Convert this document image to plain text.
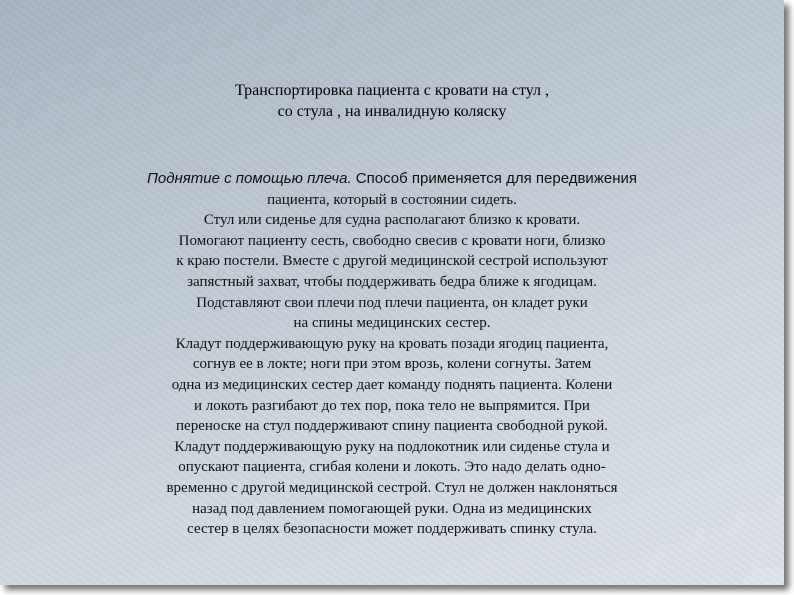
Транспортировка пациента с кровати на стул ,
со стула , на инвалидную коляску
Поднятие с помощью плеча. Способ применяется для передвижения
пациента, который в состоянии сидеть.
Стул или сиденье для судна располагают близко к кровати.
Помогают пациенту сесть, свободно свесив с кровати ноги, близко
к краю постели. Вместе с другой медицинской сестрой используют
запястный захват, чтобы поддерживать бедра ближе к ягодицам.
Подставляют свои плечи под плечи пациента, он кладет руки
на спины медицинских сестер.
Кладут поддерживающую руку на кровать позади ягодиц пациента,
согнув ее в локте; ноги при этом врозь, колени согнуты. Затем
одна из медицинских сестер дает команду поднять пациента. Колени
и локоть разгибают до тех пор, пока тело не выпрямится. При
переноске на стул поддерживают спину пациента свободной рукой.
Кладут поддерживающую руку на подлокотник или сиденье стула и
опускают пациента, сгибая колени и локоть. Это надо делать одно-
временно с другой медицинской сестрой. Стул не должен наклоняться
назад под давлением помогающей руки. Одна из медицинских
сестер в целях безопасности может поддерживать спинку стула.
